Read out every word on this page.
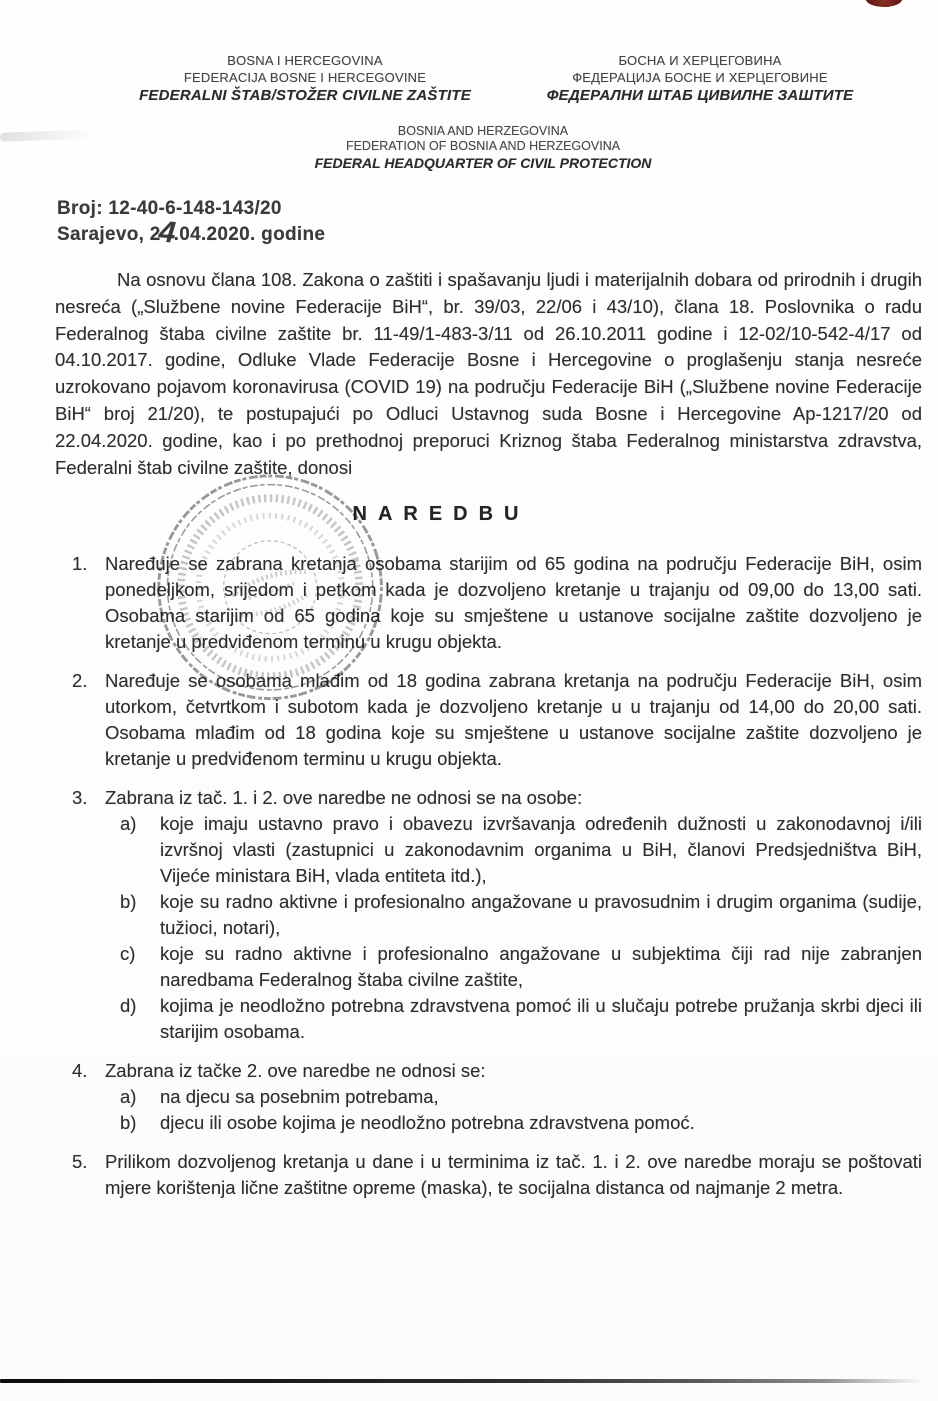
BOSNA I HERCEGOVINA
FEDERACIJA BOSNE I HERCEGOVINE
FEDERALNI ŠTAB/STOŽER CIVILNE ZAŠTITE
БОСНА И ХЕРЦЕГОВИНА
ФЕДЕРАЦИЈА БОСНЕ И ХЕРЦЕГОВИНЕ
ФЕДЕРАЛНИ ШТАБ ЦИВИЛНЕ ЗАШТИТЕ
BOSNIA AND HERZEGOVINA
FEDERATION OF BOSNIA AND HERZEGOVINA
FEDERAL HEADQUARTER OF CIVIL PROTECTION
Broj: 12-40-6-148-143/20
Sarajevo, 24.04.2020. godine
Na osnovu člana 108. Zakona o zaštiti i spašavanju ljudi i materijalnih dobara od prirodnih i drugih nesreća („Službene novine Federacije BiH“, br. 39/03, 22/06 i 43/10), člana 18. Poslovnika o radu Federalnog štaba civilne zaštite br. 11-49/1-483-3/11 od 26.10.2011 godine i 12-02/10-542-4/17 od 04.10.2017. godine, Odluke Vlade Federacije Bosne i Hercegovine o proglašenju stanja nesreće uzrokovano pojavom koronavirusa (COVID 19) na području Federacije BiH („Službene novine Federacije BiH“ broj 21/20), te postupajući po Odluci Ustavnog suda Bosne i Hercegovine Ap-1217/20 od 22.04.2020. godine, kao i po prethodnoj preporuci Kriznog štaba Federalnog ministarstva zdravstva, Federalni štab civilne zaštite, donosi
NAREDBU
1. Naređuje se zabrana kretanja osobama starijim od 65 godina na području Federacije BiH, osim ponedeljkom, srijedom i petkom kada je dozvoljeno kretanje u trajanju od 09,00 do 13,00 sati. Osobama starijim od 65 godina koje su smještene u ustanove socijalne zaštite dozvoljeno je kretanje u predviđenom terminu u krugu objekta.
2. Naređuje se osobama mlađim od 18 godina zabrana kretanja na području Federacije BiH, osim utorkom, četvrtkom i subotom kada je dozvoljeno kretanje u u trajanju od 14,00 do 20,00 sati. Osobama mlađim od 18 godina koje su smještene u ustanove socijalne zaštite dozvoljeno je kretanje u predviđenom terminu u krugu objekta.
3. Zabrana iz tač. 1. i 2. ove naredbe ne odnosi se na osobe:
a)	koje imaju ustavno pravo i obavezu izvršavanja određenih dužnosti u zakonodavnoj i/ili izvršnoj vlasti (zastupnici u zakonodavnim organima u BiH, članovi Predsjedništva BiH, Vijeće ministara BiH, vlada entiteta itd.),
b)	koje su radno aktivne i profesionalno angažovane u pravosudnim i drugim organima (sudije, tužioci, notari),
c)	koje su radno aktivne i profesionalno angažovane u subjektima čiji rad nije zabranjen naredbama Federalnog štaba civilne zaštite,
d)	kojima je neodložno potrebna zdravstvena pomoć ili u slučaju potrebe pružanja skrbi djeci ili starijim osobama.
4. Zabrana iz tačke 2. ove naredbe ne odnosi se:
a)	na djecu sa posebnim potrebama,
b)	djecu ili osobe kojima je neodložno potrebna zdravstvena pomoć.
5. Prilikom dozvoljenog kretanja u dane i u terminima iz tač. 1. i 2. ove naredbe moraju se poštovati mjere korištenja lične zaštitne opreme (maska), te socijalna distanca od najmanje 2 metra.
